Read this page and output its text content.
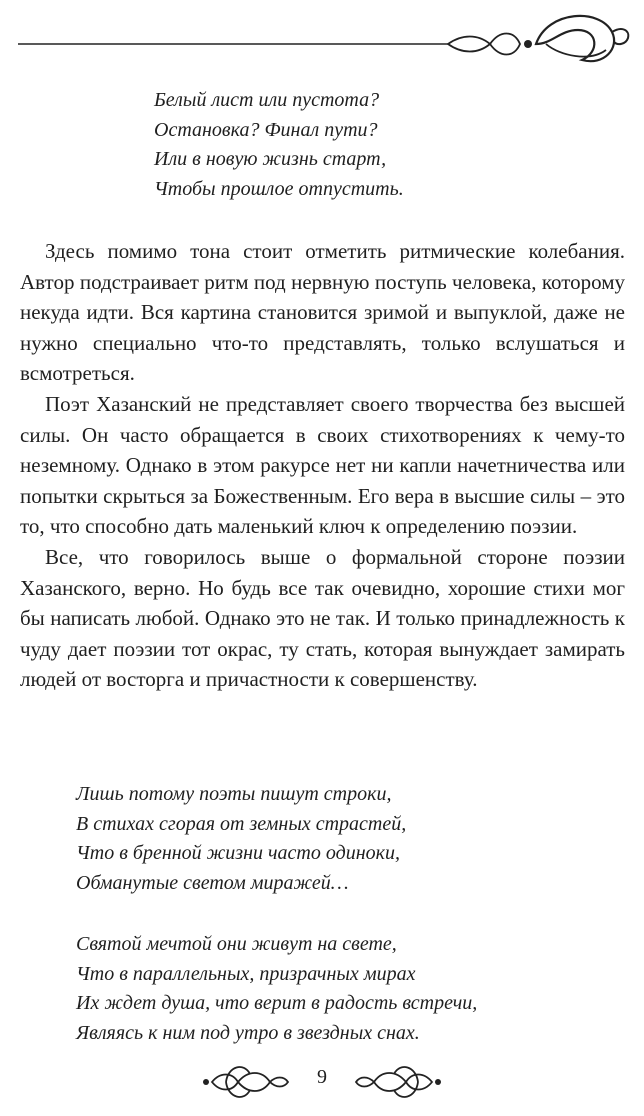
Белый лист или пустота?
Остановка? Финал пути?
Или в новую жизнь старт,
Чтобы прошлое отпустить.

Здесь помимо тона стоит отметить ритмические колебания. Автор подстраивает ритм под нервную поступь человека, которому некуда идти. Вся картина становится зримой и выпуклой, даже не нужно специально что-то представлять, только вслушаться и всмотреться.

Поэт Хазанский не представляет своего творчества без высшей силы. Он часто обращается в своих стихотворениях к чему-то неземному. Однако в этом ракурсе нет ни капли начетничества или попытки скрыться за Божественным. Его вера в высшие силы – это то, что способно дать маленький ключ к определению поэзии.

Все, что говорилось выше о формальной стороне поэзии Хазанского, верно. Но будь все так очевидно, хорошие стихи мог бы написать любой. Однако это не так. И только принадлежность к чуду дает поэзии тот окрас, ту стать, которая вынуждает замирать людей от восторга и причастности к совершенству.

Лишь потому поэты пишут строки,
В стихах сгорая от земных страстей,
Что в бренной жизни часто одиноки,
Обманутые светом миражей…
Святой мечтой они живут на свете,
Что в параллельных, призрачных мирах
Их ждет душа, что верит в радость встречи,
Являясь к ним под утро в звездных снах.
9
